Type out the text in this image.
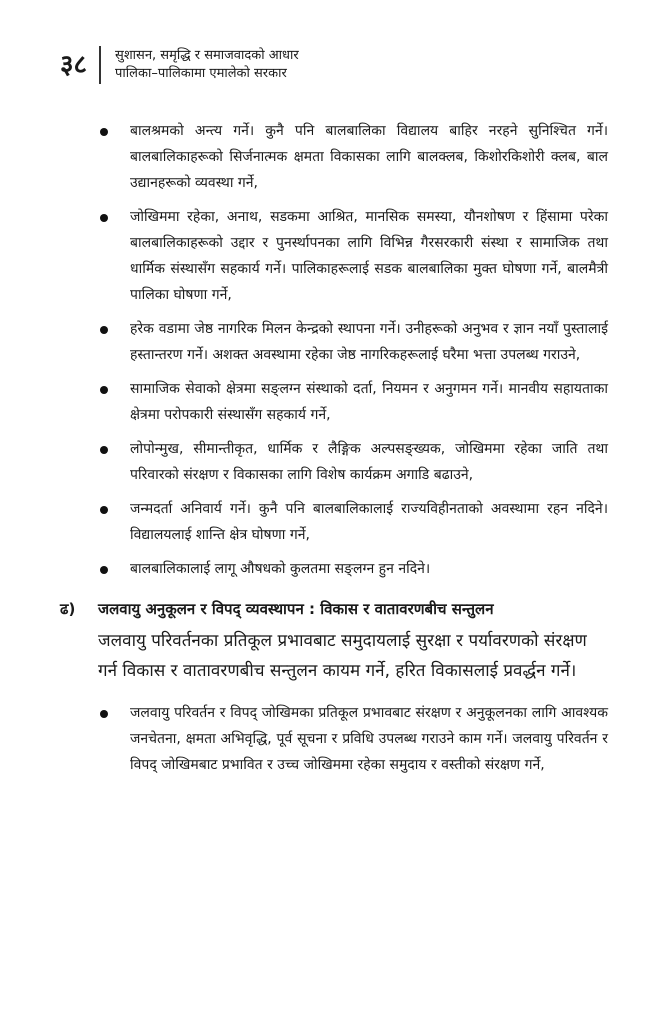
३८	सुशासन, समृद्धि र समाजवादको आधार
पालिका–पालिकामा एमालेको सरकार
बालश्रमको अन्त्य गर्ने। कुनै पनि बालबालिका विद्यालय बाहिर नरहने सुनिश्चित गर्ने। बालबालिकाहरूको सिर्जनात्मक क्षमता विकासका लागि बालक्लब, किशोरकिशोरी क्लब, बाल उद्यानहरूको व्यवस्था गर्ने,
जोखिममा रहेका, अनाथ, सडकमा आश्रित, मानसिक समस्या, यौनशोषण र हिंसामा परेका बालबालिकाहरूको उद्दार र पुनर्स्थापनका लागि विभिन्न गैरसरकारी संस्था र सामाजिक तथा धार्मिक संस्थासँग सहकार्य गर्ने। पालिकाहरूलाई सडक बालबालिका मुक्त घोषणा गर्ने, बालमैत्री पालिका घोषणा गर्ने,
हरेक वडामा जेष्ठ नागरिक मिलन केन्द्रको स्थापना गर्ने। उनीहरूको अनुभव र ज्ञान नयाँ पुस्तालाई हस्तान्तरण गर्ने। अशक्त अवस्थामा रहेका जेष्ठ नागरिकहरूलाई घरैमा भत्ता उपलब्ध गराउने,
सामाजिक सेवाको क्षेत्रमा सङ्लग्न संस्थाको दर्ता, नियमन र अनुगमन गर्ने। मानवीय सहायताका क्षेत्रमा परोपकारी संस्थासँग सहकार्य गर्ने,
लोपोन्मुख, सीमान्तीकृत, धार्मिक र लैङ्गिक अल्पसङ्ख्यक, जोखिममा रहेका जाति तथा परिवारको संरक्षण र विकासका लागि विशेष कार्यक्रम अगाडि बढाउने,
जन्मदर्ता अनिवार्य गर्ने। कुनै पनि बालबालिकालाई राज्यविहीनताको अवस्थामा रहन नदिने। विद्यालयलाई शान्ति क्षेत्र घोषणा गर्ने,
बालबालिकालाई लागू औषधको कुलतमा सङ्लग्न हुन नदिने।
ढ)	जलवायु अनुकूलन र विपद् व्यवस्थापन : विकास र वातावरणबीच सन्तुलन

जलवायु परिवर्तनका प्रतिकूल प्रभावबाट समुदायलाई सुरक्षा र पर्यावरणको संरक्षण गर्न विकास र वातावरणबीच सन्तुलन कायम गर्ने, हरित विकासलाई प्रवर्द्धन गर्ने।

जलवायु परिवर्तन र विपद् जोखिमका प्रतिकूल प्रभावबाट संरक्षण र अनुकूलनका लागि आवश्यक जनचेतना, क्षमता अभिवृद्धि, पूर्व सूचना र प्रविधि उपलब्ध गराउने काम गर्ने। जलवायु परिवर्तन र विपद् जोखिमबाट प्रभावित र उच्च जोखिममा रहेका समुदाय र वस्तीको संरक्षण गर्ने,
